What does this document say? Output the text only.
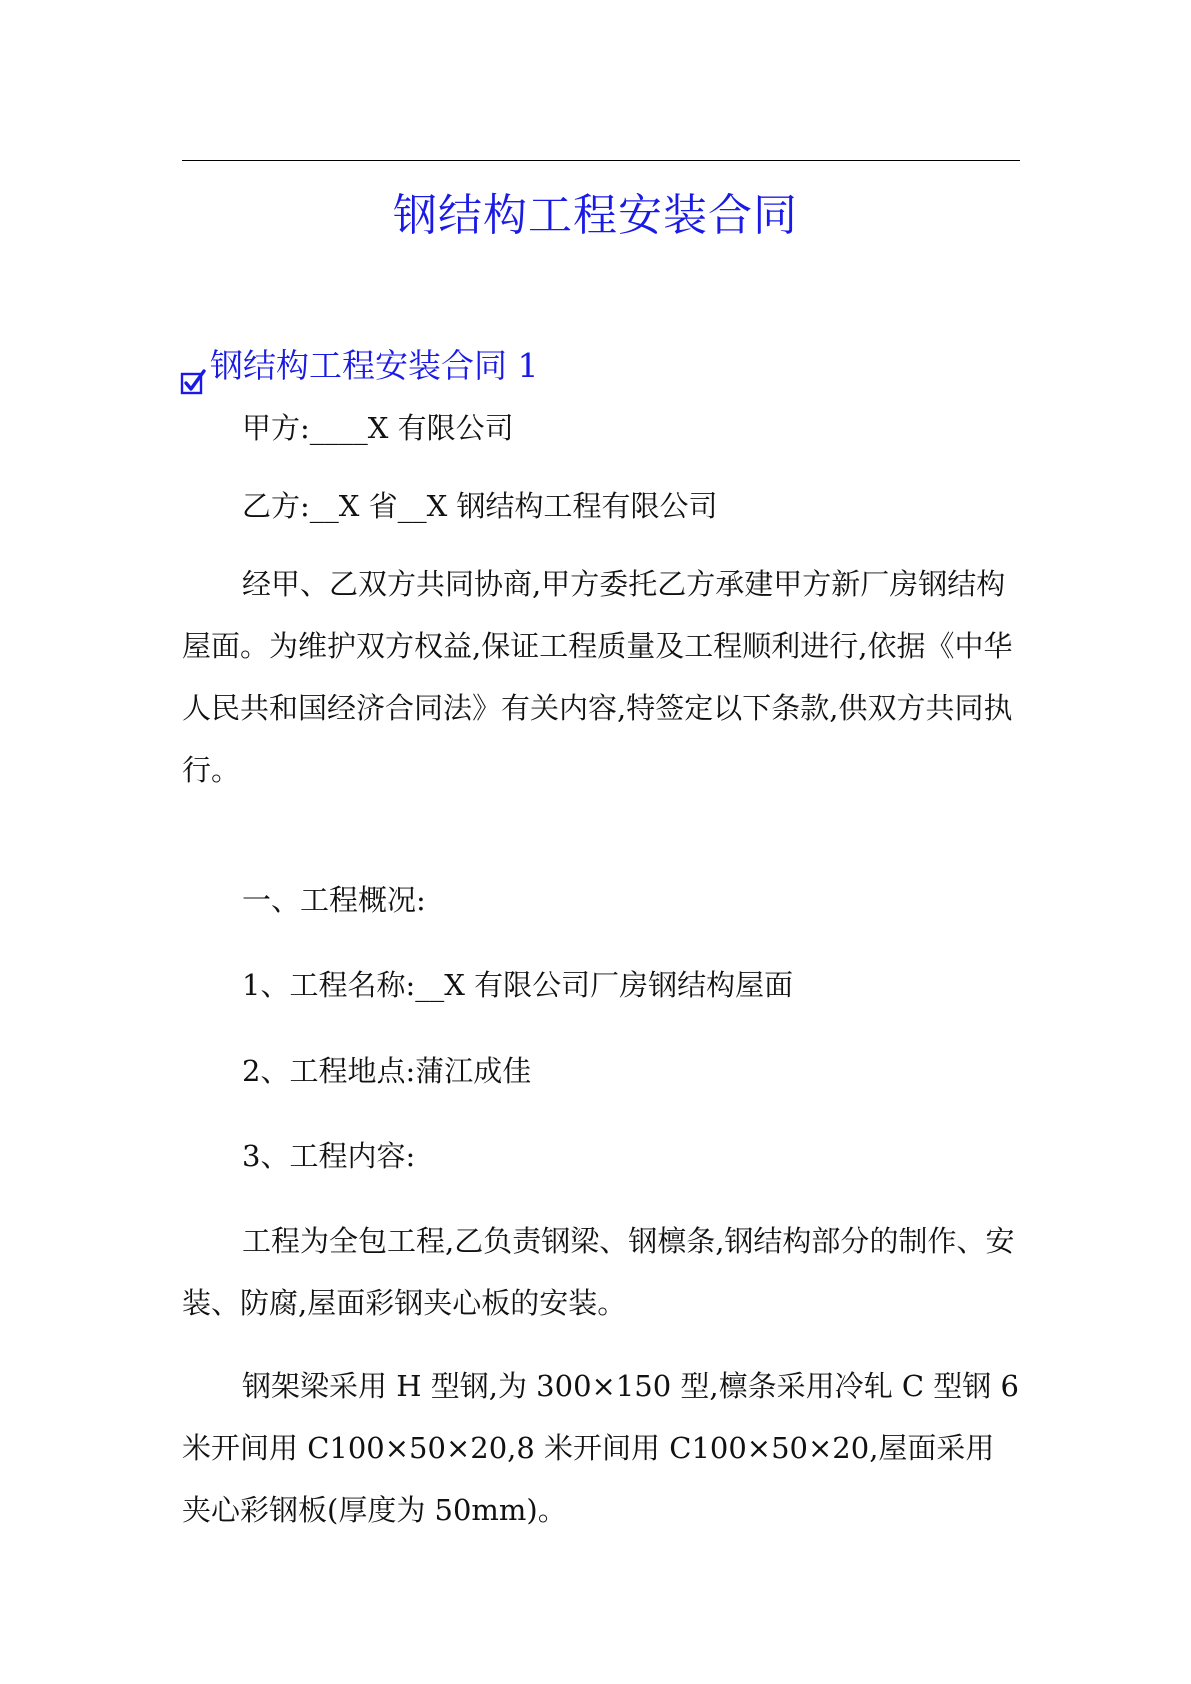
钢结构工程安装合同
钢结构工程安装合同 1

甲方:____X 有限公司

乙方:__X 省__X 钢结构工程有限公司

经甲、乙双方共同协商,甲方委托乙方承建甲方新厂房钢结构屋面。为维护双方权益,保证工程质量及工程顺利进行,依据《中华人民共和国经济合同法》有关内容,特签定以下条款,供双方共同执行。

一、工程概况:

1、工程名称:__X 有限公司厂房钢结构屋面

2、工程地点:蒲江成佳

3、工程内容:

工程为全包工程,乙负责钢梁、钢檩条,钢结构部分的制作、安装、防腐,屋面彩钢夹心板的安装。

钢架梁采用 H 型钢,为 300×150 型,檩条采用冷轧 C 型钢 6 米开间用 C100×50×20,8 米开间用 C100×50×20,屋面采用夹心彩钢板(厚度为 50mm)。
